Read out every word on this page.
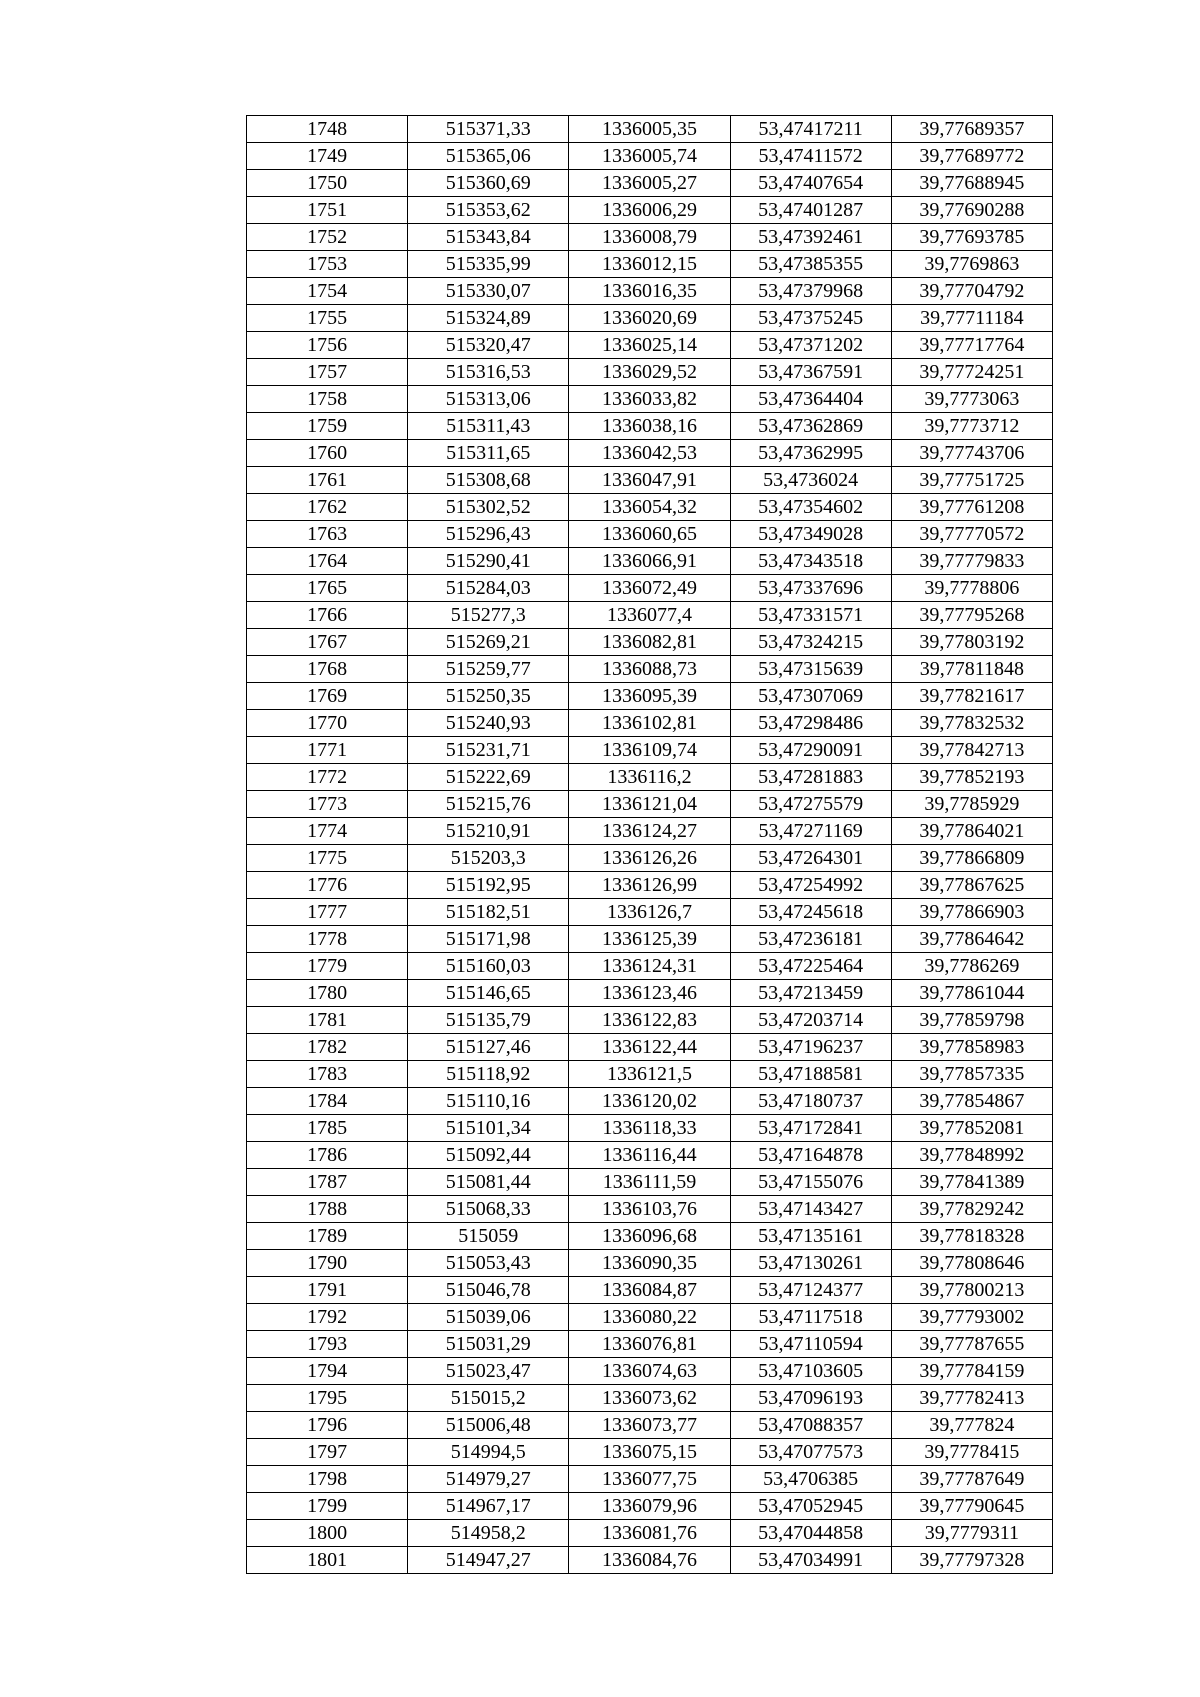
1748	515371,33	1336005,35	53,47417211	39,77689357
1749	515365,06	1336005,74	53,47411572	39,77689772
1750	515360,69	1336005,27	53,47407654	39,77688945
1751	515353,62	1336006,29	53,47401287	39,77690288
1752	515343,84	1336008,79	53,47392461	39,77693785
1753	515335,99	1336012,15	53,47385355	39,7769863
1754	515330,07	1336016,35	53,47379968	39,77704792
1755	515324,89	1336020,69	53,47375245	39,77711184
1756	515320,47	1336025,14	53,47371202	39,77717764
1757	515316,53	1336029,52	53,47367591	39,77724251
1758	515313,06	1336033,82	53,47364404	39,7773063
1759	515311,43	1336038,16	53,47362869	39,7773712
1760	515311,65	1336042,53	53,47362995	39,77743706
1761	515308,68	1336047,91	53,4736024	39,77751725
1762	515302,52	1336054,32	53,47354602	39,77761208
1763	515296,43	1336060,65	53,47349028	39,77770572
1764	515290,41	1336066,91	53,47343518	39,77779833
1765	515284,03	1336072,49	53,47337696	39,7778806
1766	515277,3	1336077,4	53,47331571	39,77795268
1767	515269,21	1336082,81	53,47324215	39,77803192
1768	515259,77	1336088,73	53,47315639	39,77811848
1769	515250,35	1336095,39	53,47307069	39,77821617
1770	515240,93	1336102,81	53,47298486	39,77832532
1771	515231,71	1336109,74	53,47290091	39,77842713
1772	515222,69	1336116,2	53,47281883	39,77852193
1773	515215,76	1336121,04	53,47275579	39,7785929
1774	515210,91	1336124,27	53,47271169	39,77864021
1775	515203,3	1336126,26	53,47264301	39,77866809
1776	515192,95	1336126,99	53,47254992	39,77867625
1777	515182,51	1336126,7	53,47245618	39,77866903
1778	515171,98	1336125,39	53,47236181	39,77864642
1779	515160,03	1336124,31	53,47225464	39,7786269
1780	515146,65	1336123,46	53,47213459	39,77861044
1781	515135,79	1336122,83	53,47203714	39,77859798
1782	515127,46	1336122,44	53,47196237	39,77858983
1783	515118,92	1336121,5	53,47188581	39,77857335
1784	515110,16	1336120,02	53,47180737	39,77854867
1785	515101,34	1336118,33	53,47172841	39,77852081
1786	515092,44	1336116,44	53,47164878	39,77848992
1787	515081,44	1336111,59	53,47155076	39,77841389
1788	515068,33	1336103,76	53,47143427	39,77829242
1789	515059	1336096,68	53,47135161	39,77818328
1790	515053,43	1336090,35	53,47130261	39,77808646
1791	515046,78	1336084,87	53,47124377	39,77800213
1792	515039,06	1336080,22	53,47117518	39,77793002
1793	515031,29	1336076,81	53,47110594	39,77787655
1794	515023,47	1336074,63	53,47103605	39,77784159
1795	515015,2	1336073,62	53,47096193	39,77782413
1796	515006,48	1336073,77	53,47088357	39,777824
1797	514994,5	1336075,15	53,47077573	39,7778415
1798	514979,27	1336077,75	53,4706385	39,77787649
1799	514967,17	1336079,96	53,47052945	39,77790645
1800	514958,2	1336081,76	53,47044858	39,7779311
1801	514947,27	1336084,76	53,47034991	39,77797328
